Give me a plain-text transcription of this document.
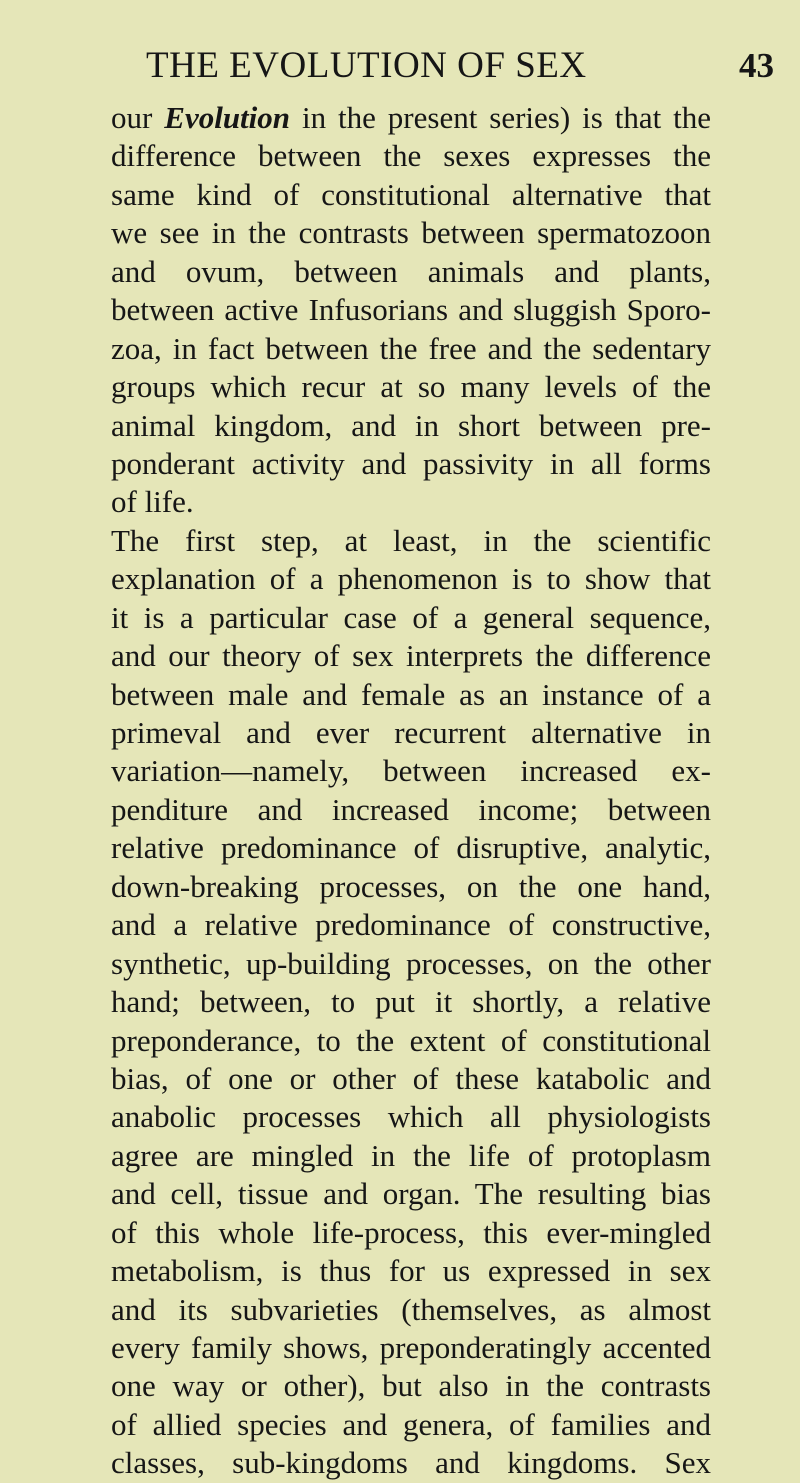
THE EVOLUTION OF SEX	43
our Evolution in the present series) is that the
difference between the sexes expresses the
same kind of constitutional alternative that
we see in the contrasts between spermatozoon
and ovum, between animals and plants,
between active Infusorians and sluggish Sporo-
zoa, in fact between the free and the sedentary
groups which recur at so many levels of the
animal kingdom, and in short between pre-
ponderant activity and passivity in all forms
of life.
The first step, at least, in the scientific
explanation of a phenomenon is to show that
it is a particular case of a general sequence,
and our theory of sex interprets the difference
between male and female as an instance of a
primeval and ever recurrent alternative in
variation—namely, between increased ex-
penditure and increased income; between
relative predominance of disruptive, analytic,
down-breaking processes, on the one hand,
and a relative predominance of constructive,
synthetic, up-building processes, on the other
hand; between, to put it shortly, a relative
preponderance, to the extent of constitutional
bias, of one or other of these katabolic and
anabolic processes which all physiologists
agree are mingled in the life of protoplasm
and cell, tissue and organ. The resulting bias
of this whole life-process, this ever-mingled
metabolism, is thus for us expressed in sex
and its subvarieties (themselves, as almost
every family shows, preponderatingly accented
one way or other), but also in the contrasts
of allied species and genera, of families and
classes, sub-kingdoms and kingdoms. Sex
